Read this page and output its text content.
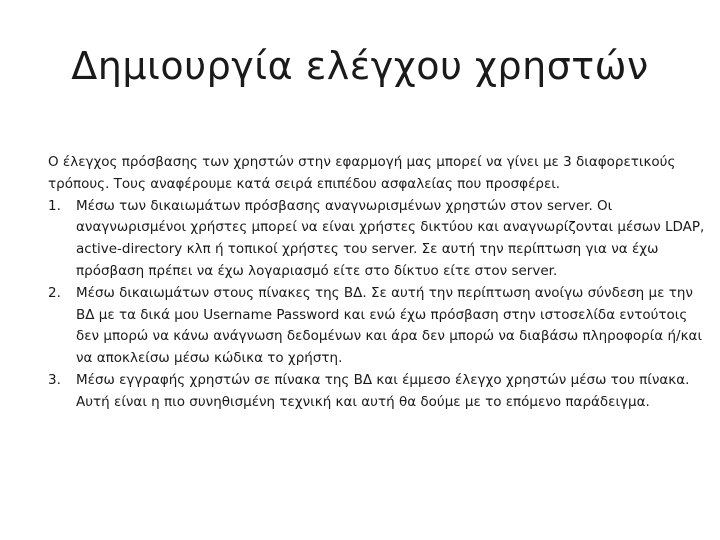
Δημιουργία ελέγχου χρηστών

Ο έλεγχος πρόσβασης των χρηστών στην εφαρμογή μας μπορεί να γίνει με 3 διαφορετικούς τρόπους. Τους αναφέρουμε κατά σειρά επιπέδου ασφαλείας που προσφέρει.

1. Μέσω των δικαιωμάτων πρόσβασης αναγνωρισμένων χρηστών στον server. Οι αναγνωρισμένοι χρήστες μπορεί να είναι χρήστες δικτύου και αναγνωρίζονται μέσων LDAP, active-directory κλπ ή τοπικοί χρήστες του server. Σε αυτή την περίπτωση για να έχω πρόσβαση πρέπει να έχω λογαριασμό είτε στο δίκτυο είτε στον server.
2. Μέσω δικαιωμάτων στους πίνακες της ΒΔ. Σε αυτή την περίπτωση ανοίγω σύνδεση με την ΒΔ με τα δικά μου Username Password και ενώ έχω πρόσβαση στην ιστοσελίδα εντούτοις δεν μπορώ να κάνω ανάγνωση δεδομένων και άρα δεν μπορώ να διαβάσω πληροφορία ή/και να αποκλείσω μέσω κώδικα το χρήστη.
3. Μέσω εγγραφής χρηστών σε πίνακα της ΒΔ και έμμεσο έλεγχο χρηστών μέσω του πίνακα. Αυτή είναι η πιο συνηθισμένη τεχνική και αυτή θα δούμε με το επόμενο παράδειγμα.
